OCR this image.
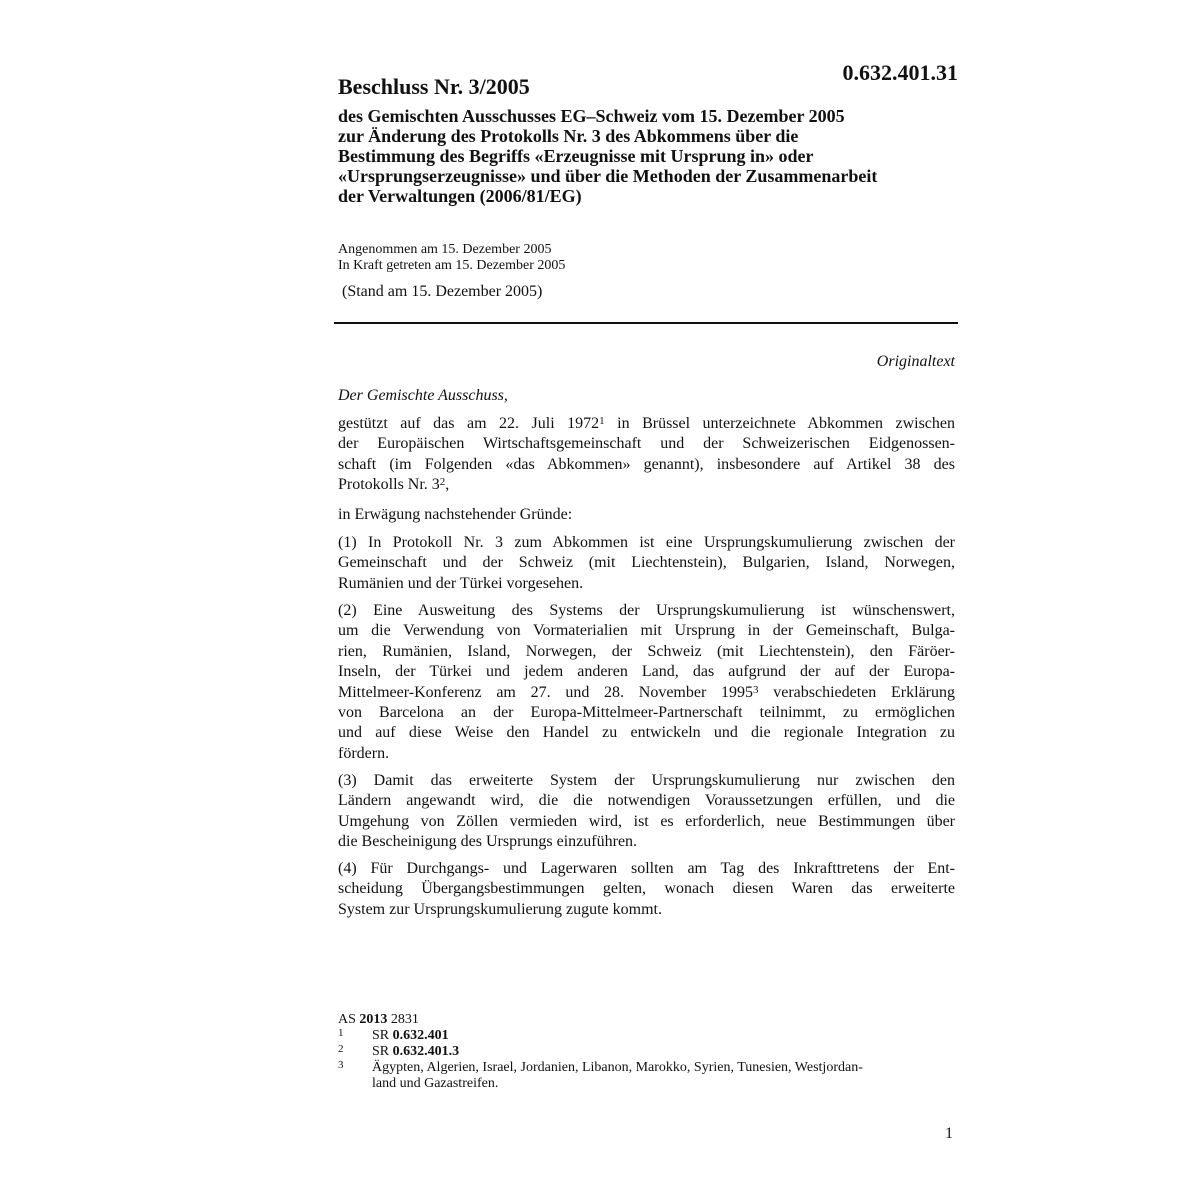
0.632.401.31
Beschluss Nr. 3/2005
des Gemischten Ausschusses EG–Schweiz vom 15. Dezember 2005
zur Änderung des Protokolls Nr. 3 des Abkommens über die
Bestimmung des Begriffs «Erzeugnisse mit Ursprung in» oder
«Ursprungserzeugnisse» und über die Methoden der Zusammenarbeit
der Verwaltungen (2006/81/EG)
Angenommen am 15. Dezember 2005
In Kraft getreten am 15. Dezember 2005
(Stand am 15. Dezember 2005)
Originaltext
Der Gemischte Ausschuss,
gestützt auf das am 22. Juli 1972$^1$ in Brüssel unterzeichnete Abkommen zwischen
der Europäischen Wirtschaftsgemeinschaft und der Schweizerischen Eidgenossen-
schaft (im Folgenden «das Abkommen» genannt), insbesondere auf Artikel 38 des
Protokolls Nr. $3^2$,
in Erwägung nachstehender Gründe:
(1) In Protokoll Nr. 3 zum Abkommen ist eine Ursprungskumulierung zwischen der
Gemeinschaft und der Schweiz (mit Liechtenstein), Bulgarien, Island, Norwegen,
Rumänien und der Türkei vorgesehen.
(2) Eine Ausweitung des Systems der Ursprungskumulierung ist wünschenswert,
um die Verwendung von Vormaterialien mit Ursprung in der Gemeinschaft, Bulga-
rien, Rumänien, Island, Norwegen, der Schweiz (mit Liechtenstein), den Färöer-
Inseln, der Türkei und jedem anderen Land, das aufgrund der auf der Europa-
Mittelmeer-Konferenz am 27. und 28. November 1995$^3$ verabschiedeten Erklärung
von Barcelona an der Europa-Mittelmeer-Partnerschaft teilnimmt, zu ermöglichen
und auf diese Weise den Handel zu entwickeln und die regionale Integration zu
fördern.
(3) Damit das erweiterte System der Ursprungskumulierung nur zwischen den
Ländern angewandt wird, die die notwendigen Voraussetzungen erfüllen, und die
Umgehung von Zöllen vermieden wird, ist es erforderlich, neue Bestimmungen über
die Bescheinigung des Ursprungs einzuführen.
(4) Für Durchgangs- und Lagerwaren sollten am Tag des Inkrafttretens der Ent-
scheidung Übergangsbestimmungen gelten, wonach diesen Waren das erweiterte
System zur Ursprungskumulierung zugute kommt.
AS 2013 2831
1 SR 0.632.401
2 SR 0.632.401.3
3 Ägypten, Algerien, Israel, Jordanien, Libanon, Marokko, Syrien, Tunesien, Westjordan-
land und Gazastreifen.
1
